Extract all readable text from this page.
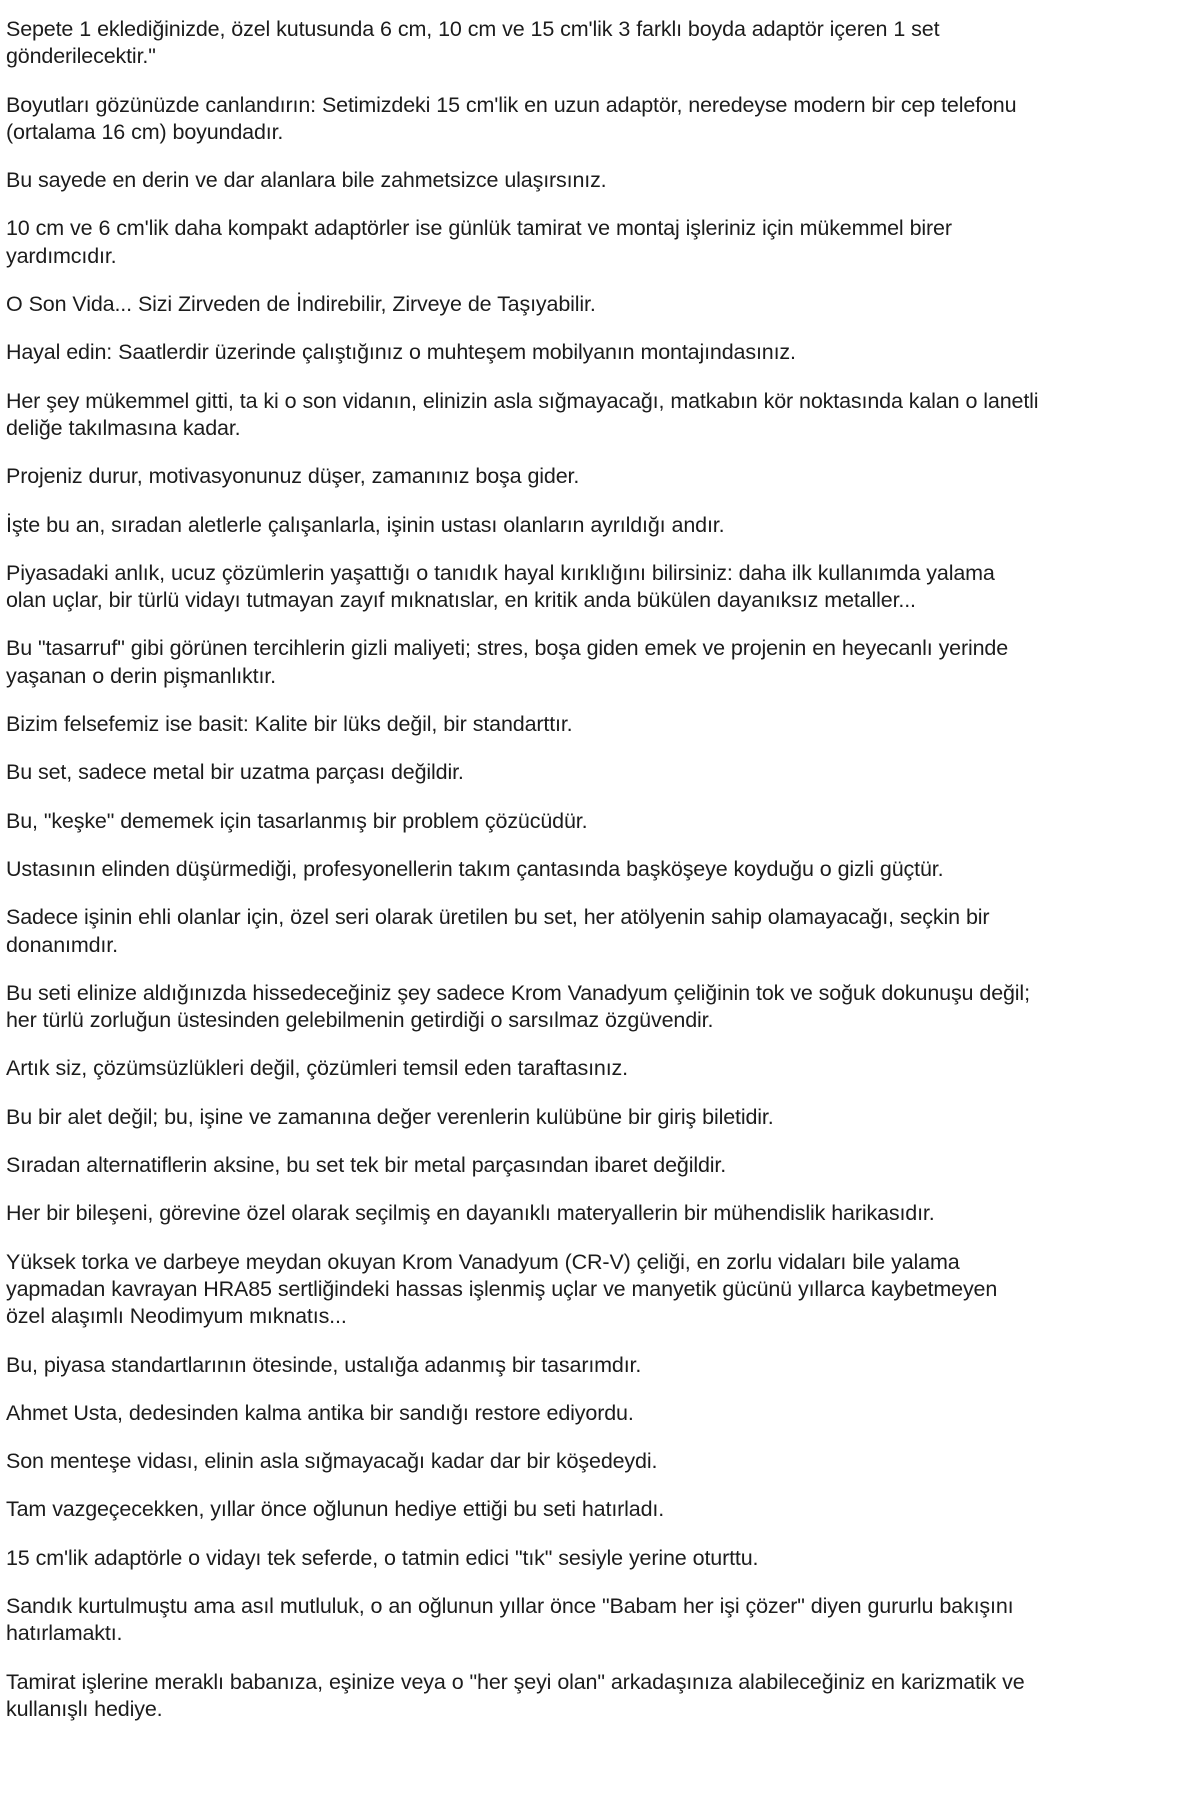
Sepete 1 eklediğinizde, özel kutusunda 6 cm, 10 cm ve 15 cm'lik 3 farklı boyda adaptör içeren 1 set gönderilecektir."

Boyutları gözünüzde canlandırın: Setimizdeki 15 cm'lik en uzun adaptör, neredeyse modern bir cep telefonu (ortalama 16 cm) boyundadır.

Bu sayede en derin ve dar alanlara bile zahmetsizce ulaşırsınız.

10 cm ve 6 cm'lik daha kompakt adaptörler ise günlük tamirat ve montaj işleriniz için mükemmel birer yardımcıdır.

O Son Vida... Sizi Zirveden de İndirebilir, Zirveye de Taşıyabilir.

Hayal edin: Saatlerdir üzerinde çalıştığınız o muhteşem mobilyanın montajındasınız.

Her şey mükemmel gitti, ta ki o son vidanın, elinizin asla sığmayacağı, matkabın kör noktasında kalan o lanetli deliğe takılmasına kadar.

Projeniz durur, motivasyonunuz düşer, zamanınız boşa gider.

İşte bu an, sıradan aletlerle çalışanlarla, işinin ustası olanların ayrıldığı andır.

Piyasadaki anlık, ucuz çözümlerin yaşattığı o tanıdık hayal kırıklığını bilirsiniz: daha ilk kullanımda yalama olan uçlar, bir türlü vidayı tutmayan zayıf mıknatıslar, en kritik anda bükülen dayanıksız metaller...

Bu "tasarruf" gibi görünen tercihlerin gizli maliyeti; stres, boşa giden emek ve projenin en heyecanlı yerinde yaşanan o derin pişmanlıktır.

Bizim felsefemiz ise basit: Kalite bir lüks değil, bir standarttır.

Bu set, sadece metal bir uzatma parçası değildir.

Bu, "keşke" dememek için tasarlanmış bir problem çözücüdür.

Ustasının elinden düşürmediği, profesyonellerin takım çantasında başköşeye koyduğu o gizli güçtür.

Sadece işinin ehli olanlar için, özel seri olarak üretilen bu set, her atölyenin sahip olamayacağı, seçkin bir donanımdır.

Bu seti elinize aldığınızda hissedeceğiniz şey sadece Krom Vanadyum çeliğinin tok ve soğuk dokunuşu değil; her türlü zorluğun üstesinden gelebilmenin getirdiği o sarsılmaz özgüvendir.

Artık siz, çözümsüzlükleri değil, çözümleri temsil eden taraftasınız.

Bu bir alet değil; bu, işine ve zamanına değer verenlerin kulübüne bir giriş biletidir.

Sıradan alternatiflerin aksine, bu set tek bir metal parçasından ibaret değildir.

Her bir bileşeni, görevine özel olarak seçilmiş en dayanıklı materyallerin bir mühendislik harikasıdır.

Yüksek torka ve darbeye meydan okuyan Krom Vanadyum (CR-V) çeliği, en zorlu vidaları bile yalama yapmadan kavrayan HRA85 sertliğindeki hassas işlenmiş uçlar ve manyetik gücünü yıllarca kaybetmeyen özel alaşımlı Neodimyum mıknatıs...

Bu, piyasa standartlarının ötesinde, ustalığa adanmış bir tasarımdır.

Ahmet Usta, dedesinden kalma antika bir sandığı restore ediyordu.

Son menteşe vidası, elinin asla sığmayacağı kadar dar bir köşedeydi.

Tam vazgeçecekken, yıllar önce oğlunun hediye ettiği bu seti hatırladı.

15 cm'lik adaptörle o vidayı tek seferde, o tatmin edici "tık" sesiyle yerine oturttu.

Sandık kurtulmuştu ama asıl mutluluk, o an oğlunun yıllar önce "Babam her işi çözer" diyen gururlu bakışını hatırlamaktı.

Tamirat işlerine meraklı babanıza, eşinize veya o "her şeyi olan" arkadaşınıza alabileceğiniz en karizmatik ve kullanışlı hediye.
